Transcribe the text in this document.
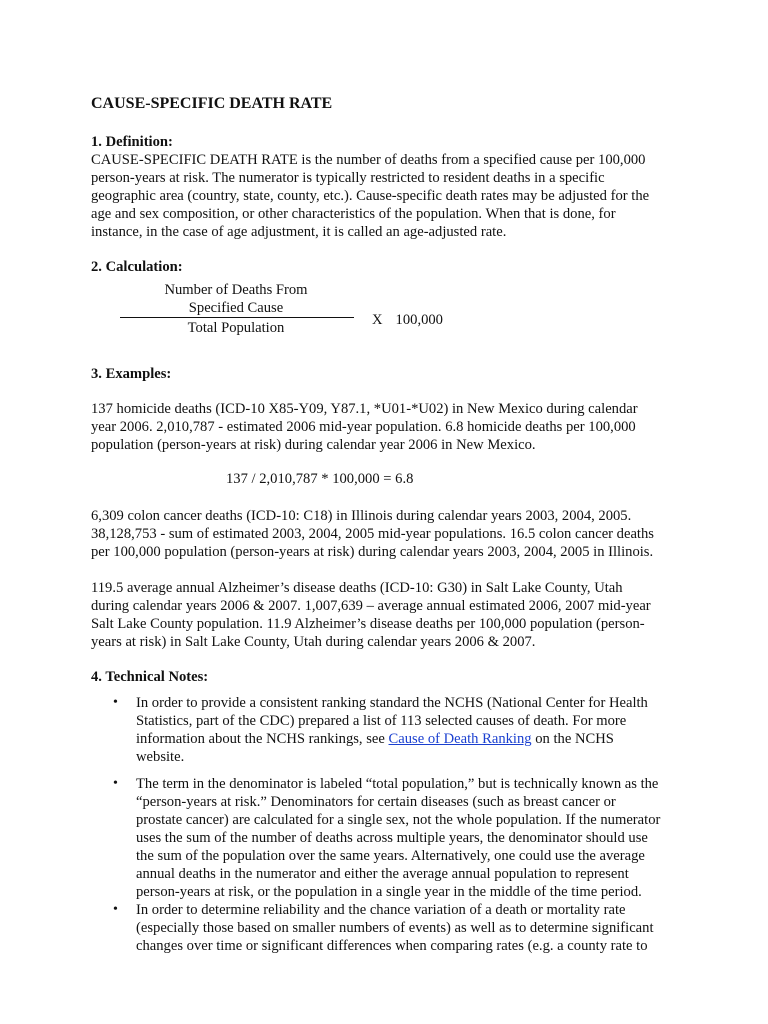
CAUSE-SPECIFIC DEATH RATE
1. Definition:
CAUSE-SPECIFIC DEATH RATE is the number of deaths from a specified cause per 100,000
person-years at risk. The numerator is typically restricted to resident deaths in a specific
geographic area (country, state, county, etc.). Cause-specific death rates may be adjusted for the
age and sex composition, or other characteristics of the population. When that is done, for
instance, in the case of age adjustment, it is called an age-adjusted rate.
2. Calculation:
Number of Deaths From
Specified Cause
Total Population	X 100,000
3. Examples:
137 homicide deaths (ICD-10 X85-Y09, Y87.1, *U01-*U02) in New Mexico during calendar
year 2006. 2,010,787 - estimated 2006 mid-year population. 6.8 homicide deaths per 100,000
population (person-years at risk) during calendar year 2006 in New Mexico.
137 / 2,010,787 * 100,000 = 6.8
6,309 colon cancer deaths (ICD-10: C18) in Illinois during calendar years 2003, 2004, 2005.
38,128,753 - sum of estimated 2003, 2004, 2005 mid-year populations. 16.5 colon cancer deaths
per 100,000 population (person-years at risk) during calendar years 2003, 2004, 2005 in Illinois.
119.5 average annual Alzheimer’s disease deaths (ICD-10: G30) in Salt Lake County, Utah
during calendar years 2006 & 2007. 1,007,639 – average annual estimated 2006, 2007 mid-year
Salt Lake County population. 11.9 Alzheimer’s disease deaths per 100,000 population (person-
years at risk) in Salt Lake County, Utah during calendar years 2006 & 2007.
4. Technical Notes:
• In order to provide a consistent ranking standard the NCHS (National Center for Health
Statistics, part of the CDC) prepared a list of 113 selected causes of death. For more
information about the NCHS rankings, see Cause of Death Ranking on the NCHS
website.
• The term in the denominator is labeled “total population,” but is technically known as the
“person-years at risk.” Denominators for certain diseases (such as breast cancer or
prostate cancer) are calculated for a single sex, not the whole population. If the numerator
uses the sum of the number of deaths across multiple years, the denominator should use
the sum of the population over the same years. Alternatively, one could use the average
annual deaths in the numerator and either the average annual population to represent
person-years at risk, or the population in a single year in the middle of the time period.
• In order to determine reliability and the chance variation of a death or mortality rate
(especially those based on smaller numbers of events) as well as to determine significant
changes over time or significant differences when comparing rates (e.g. a county rate to
